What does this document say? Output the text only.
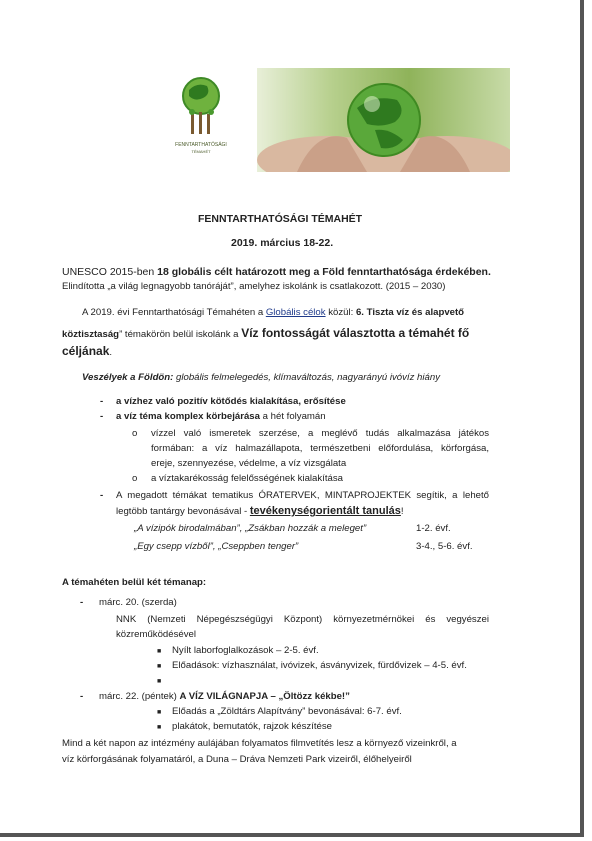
FENNTARTHATÓSÁGI
TÉMAHÉT
FENNTARTHATÓSÁGI TÉMAHÉT
2019. március 18-22.
UNESCO 2015-ben 18 globális célt határozott meg a Föld fenntarthatósága érdekében.
Elindította „a világ legnagyobb tanóráját”, amelyhez iskolánk is csatlakozott. (2015 – 2030)
A 2019. évi Fenntarthatósági Témahéten a Globális célok közül: 6. Tiszta víz és alapvető
köztisztaság” témakörön belül iskolánk a Víz fontosságát választotta a témahét fő
céljának.
Veszélyek a Földön: globális felmelegedés, klímaváltozás, nagyarányú ivóvíz hiány
- a vízhez való pozitív kötődés kialakítása, erősítése
- a víz téma komplex körbejárása a hét folyamán
o vízzel való ismeretek szerzése, a meglévő tudás alkalmazása játékos
formában: a víz halmazállapota, természetbeni előfordulása, körforgása,
ereje, szennyezése, védelme, a víz vizsgálata
o a víztakarékosság felelősségének kialakítása
- A megadott témákat tematikus ÓRATERVEK, MINTAPROJEKTEK segítik, a lehető
legtöbb tantárgy bevonásával - tevékenységorientált tanulás!
„A vízipók birodalmában”, „Zsákban hozzák a meleget”	1-2. évf.
„Egy csepp vízből”, „Cseppben tenger”	3-4., 5-6. évf.
A témahéten belül két témanap:
- márc. 20. (szerda)
NNK (Nemzeti Népegészségügyi Központ) környezetmérnökei és vegyészei
közreműködésével
■ Nyílt laborfoglalkozások – 2-5. évf.
■ Előadások: vízhasználat, ivóvizek, ásványvizek, fürdővizek – 4-5. évf.
■
- márc. 22. (péntek) A VÍZ VILÁGNAPJA – „Öltözz kékbe!”
■ Előadás a „Zöldtárs Alapítvány” bevonásával: 6-7. évf.
■ plakátok, bemutatók, rajzok készítése
Mind a két napon az intézmény aulájában folyamatos filmvetítés lesz a környező vizeinkről, a
víz körforgásának folyamatáról, a Duna – Dráva Nemzeti Park vizeiről, élőhelyeiről
